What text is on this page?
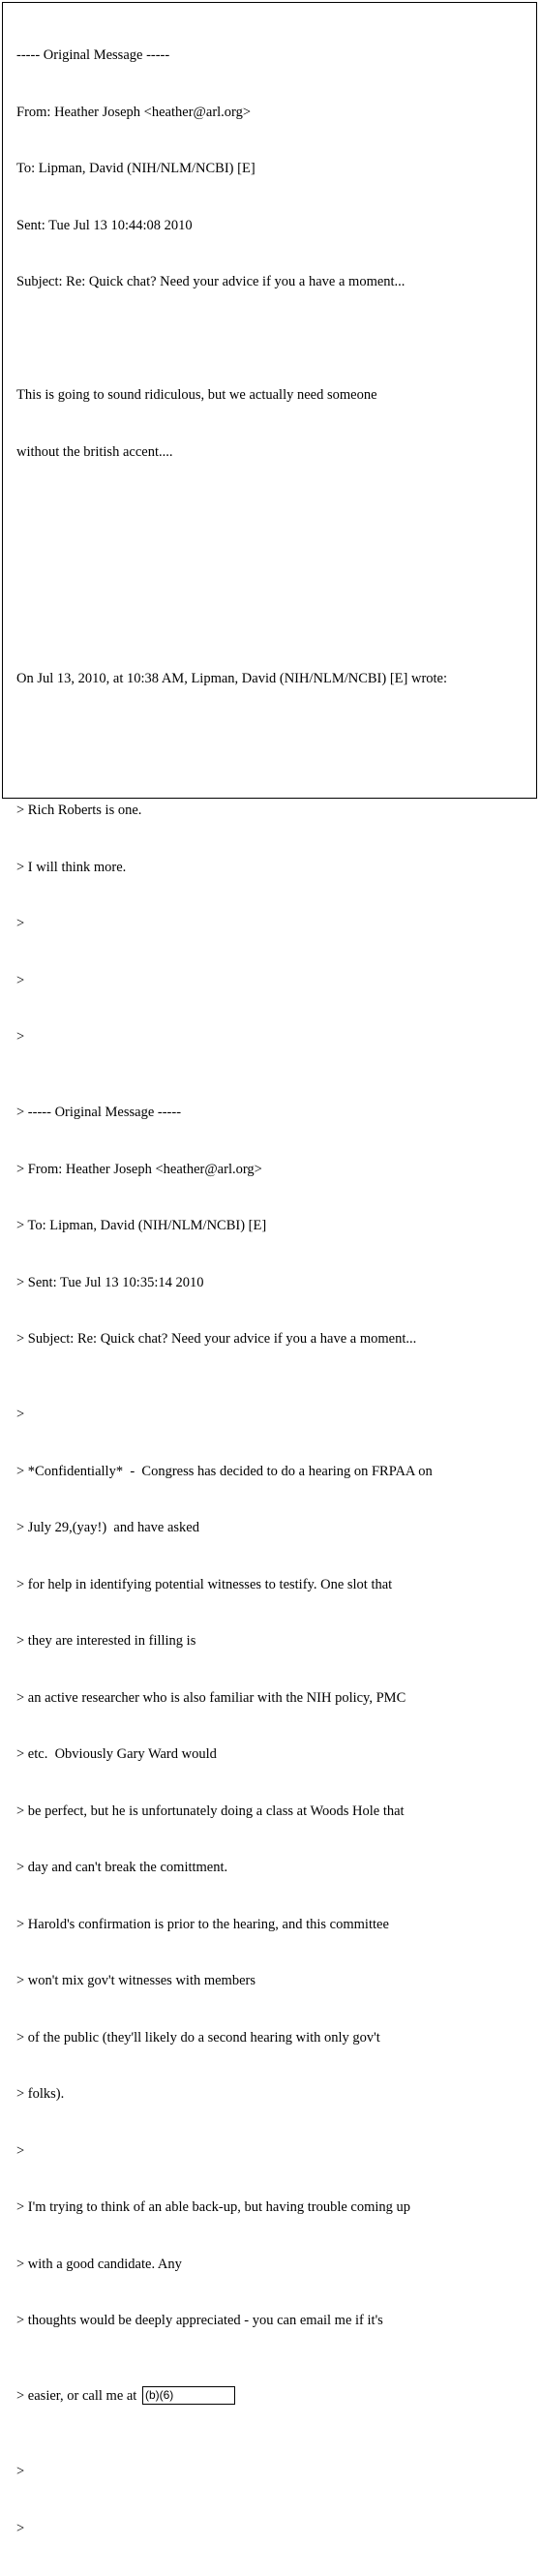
----- Original Message -----

From: Heather Joseph <heather@arl.org>

To: Lipman, David (NIH/NLM/NCBI) [E]

Sent: Tue Jul 13 10:44:08 2010

Subject: Re: Quick chat? Need your advice if you a have a moment...

This is going to sound ridiculous, but we actually need someone

without the british accent....

On Jul 13, 2010, at 10:38 AM, Lipman, David (NIH/NLM/NCBI) [E] wrote:

> Rich Roberts is one.

> I will think more.

>

>

>

> ----- Original Message -----

> From: Heather Joseph <heather@arl.org>

> To: Lipman, David (NIH/NLM/NCBI) [E]

> Sent: Tue Jul 13 10:35:14 2010

> Subject: Re: Quick chat? Need your advice if you a have a moment...

>

> *Confidentially*  -  Congress has decided to do a hearing on FRPAA on

> July 29,(yay!)  and have asked

> for help in identifying potential witnesses to testify. One slot that

> they are interested in filling is

> an active researcher who is also familiar with the NIH policy, PMC

> etc.  Obviously Gary Ward would

> be perfect, but he is unfortunately doing a class at Woods Hole that

> day and can't break the comittment.

> Harold's confirmation is prior to the hearing, and this committee

> won't mix gov't witnesses with members

> of the public (they'll likely do a second hearing with only gov't

> folks).

>

> I'm trying to think of an able back-up, but having trouble coming up

> with a good candidate. Any

> thoughts would be deeply appreciated - you can email me if it's

> easier, or call me at (b)(6)

>

>
